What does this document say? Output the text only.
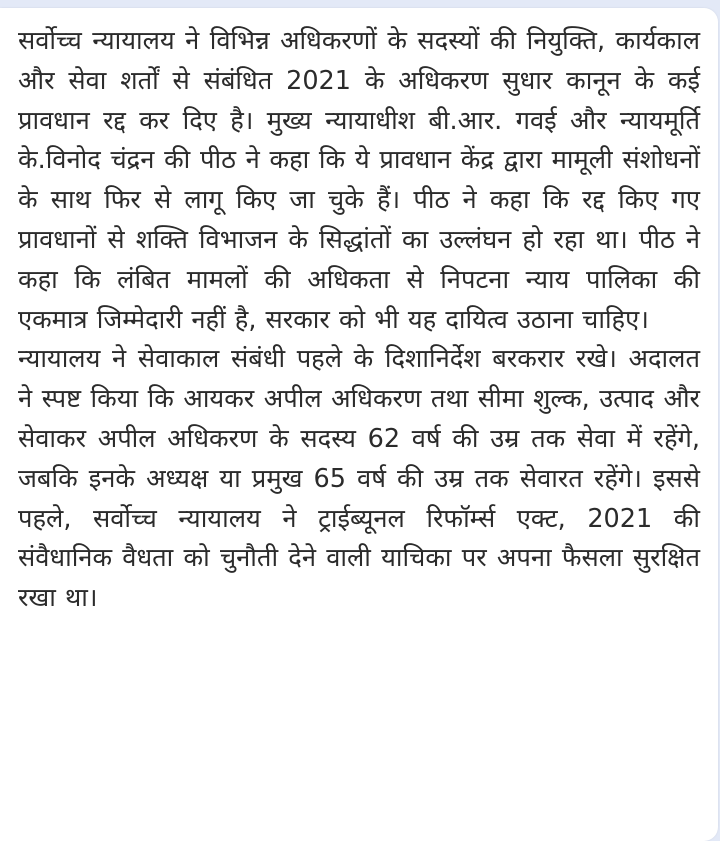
सर्वोच्च न्यायालय ने विभिन्न अधिकरणों के सदस्यों की नियुक्ति, कार्यकाल और सेवा शर्तों से संबंधित 2021 के अधिकरण सुधार कानून के कई प्रावधान रद्द कर दिए है। मुख्य न्यायाधीश बी.आर. गवई और न्यायमूर्ति के.विनोद चंद्रन की पीठ ने कहा कि ये प्रावधान केंद्र द्वारा मामूली संशोधनों के साथ फिर से लागू किए जा चुके हैं। पीठ ने कहा कि रद्द किए गए प्रावधानों से शक्ति विभाजन के सिद्धांतों का उल्लंघन हो रहा था। पीठ ने कहा कि लंबित मामलों की अधिकता से निपटना न्याय पालिका की एकमात्र जिम्मेदारी नहीं है, सरकार को भी यह दायित्व उठाना चाहिए।

न्यायालय ने सेवाकाल संबंधी पहले के दिशानिर्देश बरकरार रखे। अदालत ने स्पष्ट किया कि आयकर अपील अधिकरण तथा सीमा शुल्क, उत्पाद और सेवाकर अपील अधिकरण के सदस्य 62 वर्ष की उम्र तक सेवा में रहेंगे, जबकि इनके अध्यक्ष या प्रमुख 65 वर्ष की उम्र तक सेवारत रहेंगे। इससे पहले, सर्वोच्च न्यायालय ने ट्राईब्यूनल रिफॉर्म्स एक्ट, 2021 की संवैधानिक वैधता को चुनौती देने वाली याचिका पर अपना फैसला सुरक्षित रखा था।
